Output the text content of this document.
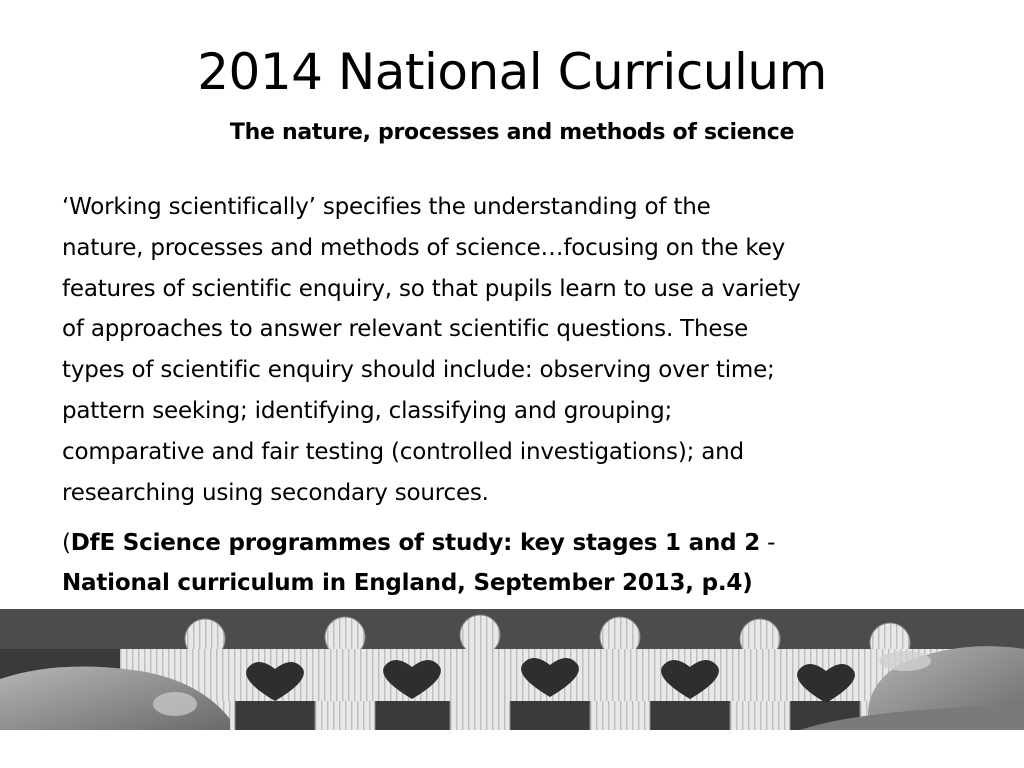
2014 National Curriculum
The nature, processes and methods of science

‘Working scientifically’ specifies the understanding of the
nature, processes and methods of science…focusing on the key
features of scientific enquiry, so that pupils learn to use a variety
of approaches to answer relevant scientific questions. These
types of scientific enquiry should include: observing over time;
pattern seeking; identifying, classifying and grouping;
comparative and fair testing (controlled investigations); and
researching using secondary sources.

(DfE Science programmes of study: key stages 1 and 2 -
National curriculum in England, September 2013, p.4)
